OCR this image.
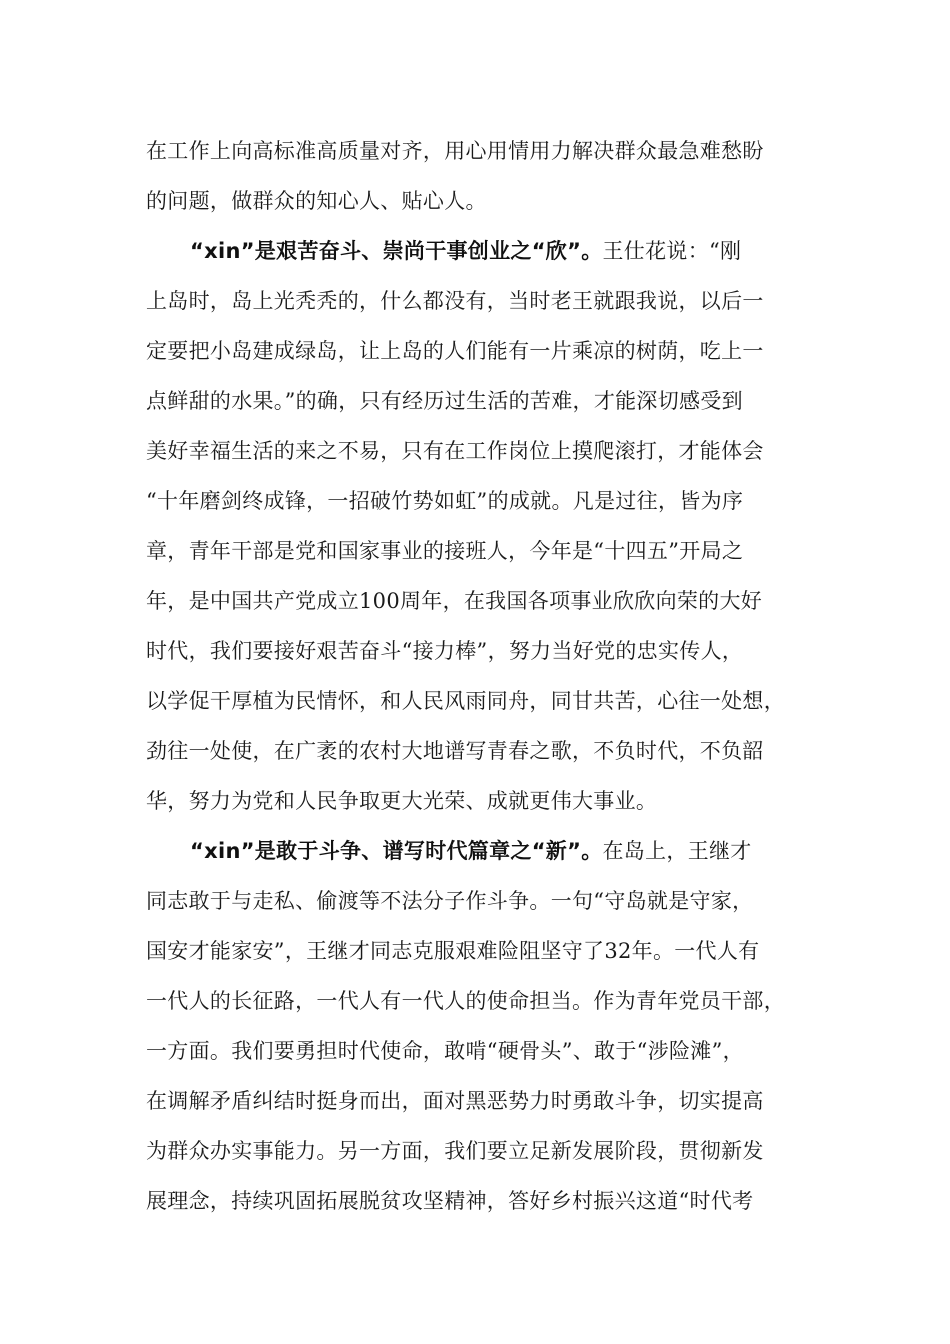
在工作上向高标准高质量对齐，用心用情用力解决群众最急难愁盼
的问题，做群众的知心人、贴心人。
“xin”是艰苦奋斗、崇尚干事创业之“欣”。王仕花说：“刚
上岛时，岛上光秃秃的，什么都没有，当时老王就跟我说，以后一
定要把小岛建成绿岛，让上岛的人们能有一片乘凉的树荫，吃上一
点鲜甜的水果。”的确，只有经历过生活的苦难，才能深切感受到
美好幸福生活的来之不易，只有在工作岗位上摸爬滚打，才能体会
“十年磨剑终成锋，一招破竹势如虹”的成就。凡是过往，皆为序
章，青年干部是党和国家事业的接班人，今年是“十四五”开局之
年，是中国共产党成立100周年，在我国各项事业欣欣向荣的大好
时代，我们要接好艰苦奋斗“接力棒”，努力当好党的忠实传人，
以学促干厚植为民情怀，和人民风雨同舟，同甘共苦，心往一处想，
劲往一处使，在广袤的农村大地谱写青春之歌，不负时代，不负韶
华，努力为党和人民争取更大光荣、成就更伟大事业。
“xin”是敢于斗争、谱写时代篇章之“新”。在岛上，王继才
同志敢于与走私、偷渡等不法分子作斗争。一句“守岛就是守家，
国安才能家安”，王继才同志克服艰难险阻坚守了32年。一代人有
一代人的长征路，一代人有一代人的使命担当。作为青年党员干部，
一方面。我们要勇担时代使命，敢啃“硬骨头”、敢于“涉险滩”，
在调解矛盾纠结时挺身而出，面对黑恶势力时勇敢斗争，切实提高
为群众办实事能力。另一方面，我们要立足新发展阶段，贯彻新发
展理念，持续巩固拓展脱贫攻坚精神，答好乡村振兴这道“时代考
